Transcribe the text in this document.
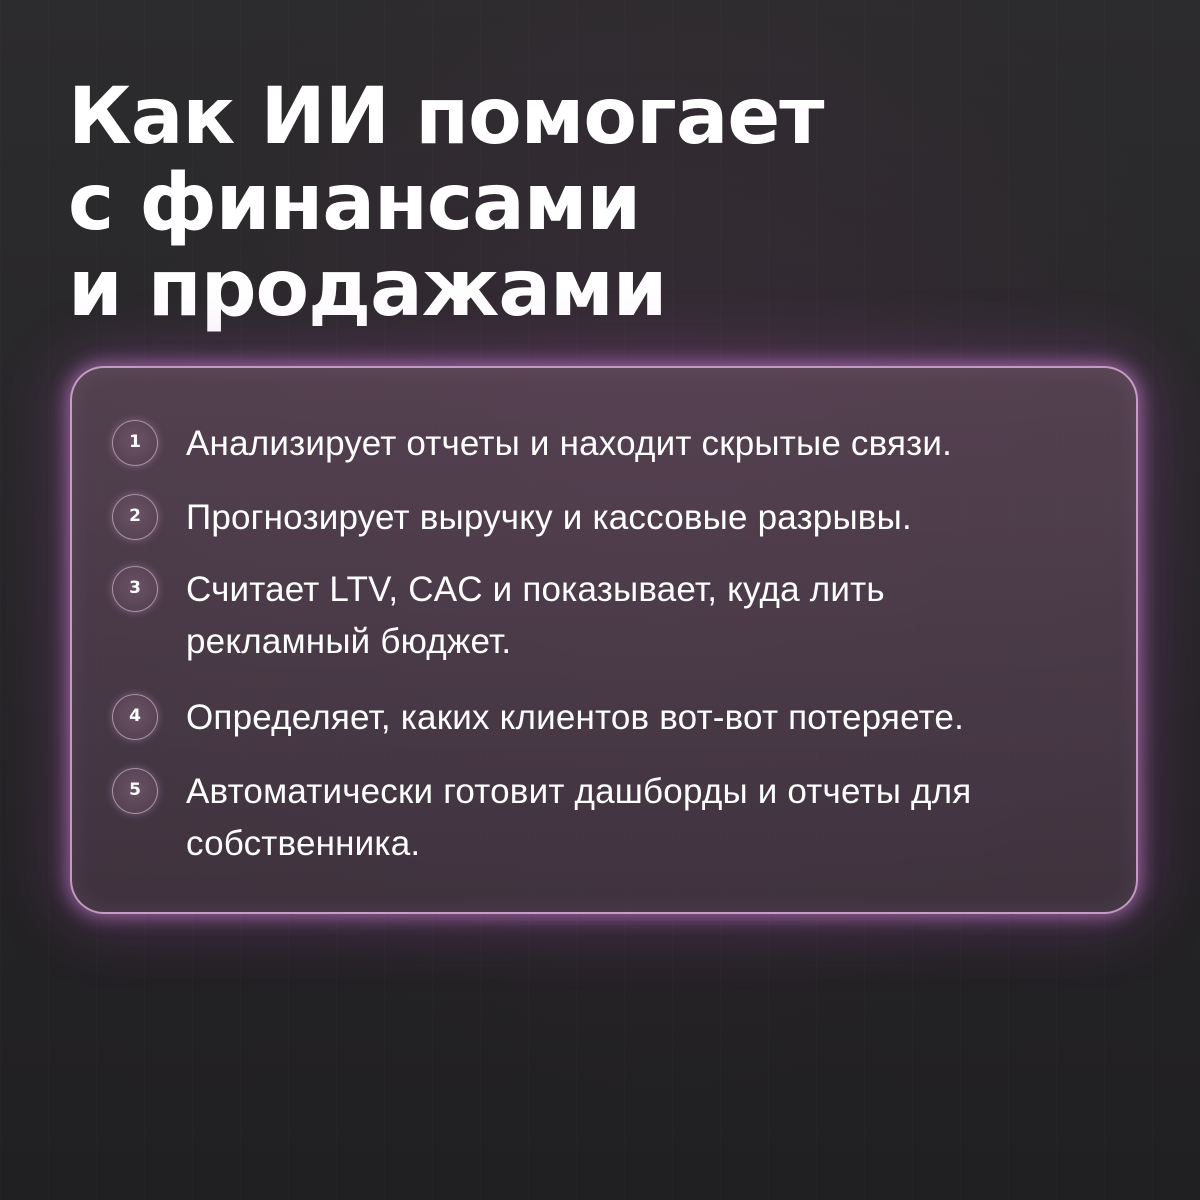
Как ИИ помогает
с финансами
и продажами
1	Анализирует отчеты и находит скрытые связи.

2	Прогнозирует выручку и кассовые разрывы.

3	Считает LTV, CAC и показывает, куда лить рекламный бюджет.

4	Определяет, каких клиентов вот-вот потеряете.

5	Автоматически готовит дашборды и отчеты для собственника.
